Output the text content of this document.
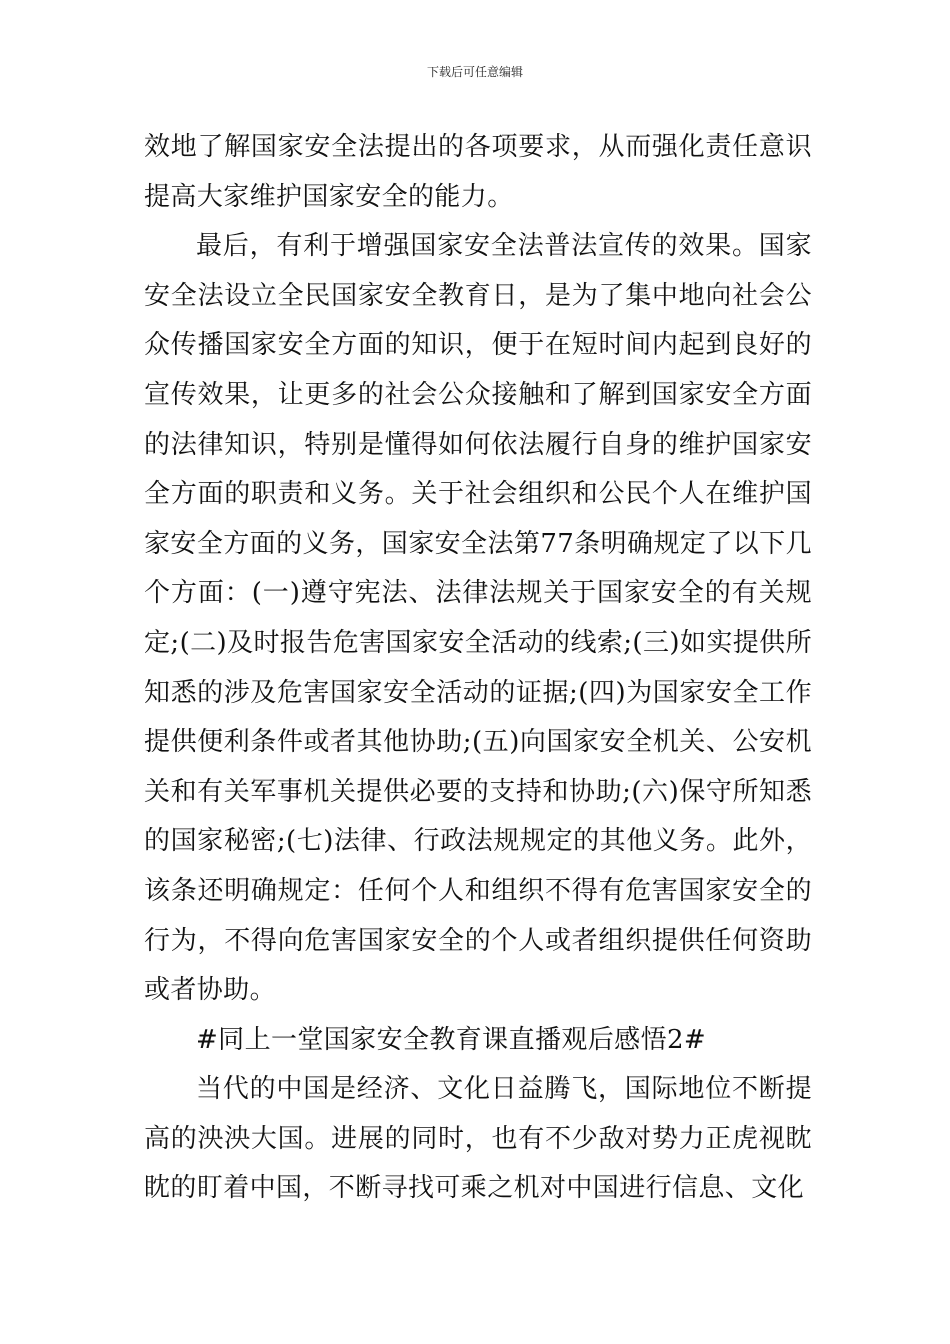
下载后可任意编辑

效地了解国家安全法提出的各项要求，从而强化责任意识提高大家维护国家安全的能力。

最后，有利于增强国家安全法普法宣传的效果。国家安全法设立全民国家安全教育日，是为了集中地向社会公众传播国家安全方面的知识，便于在短时间内起到良好的宣传效果，让更多的社会公众接触和了解到国家安全方面的法律知识，特别是懂得如何依法履行自身的维护国家安全方面的职责和义务。关于社会组织和公民个人在维护国家安全方面的义务，国家安全法第77条明确规定了以下几个方面：(一)遵守宪法、法律法规关于国家安全的有关规定;(二)及时报告危害国家安全活动的线索;(三)如实提供所知悉的涉及危害国家安全活动的证据;(四)为国家安全工作提供便利条件或者其他协助;(五)向国家安全机关、公安机关和有关军事机关提供必要的支持和协助;(六)保守所知悉的国家秘密;(七)法律、行政法规规定的其他义务。此外，该条还明确规定：任何个人和组织不得有危害国家安全的行为，不得向危害国家安全的个人或者组织提供任何资助或者协助。

#同上一堂国家安全教育课直播观后感悟2#

当代的中国是经济、文化日益腾飞，国际地位不断提高的泱泱大国。进展的同时，也有不少敌对势力正虎视眈眈的盯着中国，不断寻找可乘之机对中国进行信息、文化
